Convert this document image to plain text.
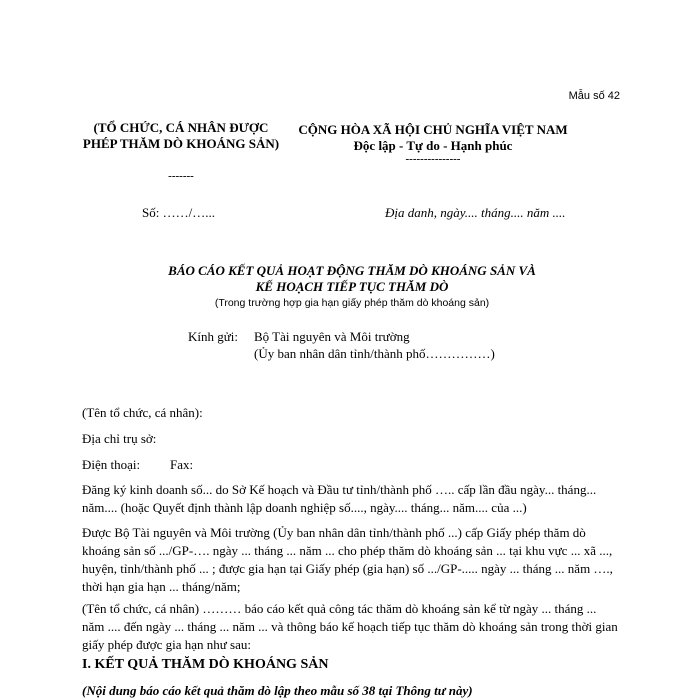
Mẫu số 42
(TỔ CHỨC, CÁ NHÂN ĐƯỢC PHÉP THĂM DÒ KHOÁNG SẢN)
-------
Số: ……/…...
CỘNG HÒA XÃ HỘI CHỦ NGHĨA VIỆT NAM
Độc lập - Tự do - Hạnh phúc
---------------
Địa danh, ngày.... tháng.... năm ....
BÁO CÁO KẾT QUẢ HOẠT ĐỘNG THĂM DÒ KHOÁNG SẢN VÀ
KẾ HOẠCH TIẾP TỤC THĂM DÒ
(Trong trường hợp gia hạn giấy phép thăm dò khoáng sản)
Kính gửi: Bộ Tài nguyên và Môi trường
(Ủy ban nhân dân tỉnh/thành phố……………)
(Tên tổ chức, cá nhân):
Địa chỉ trụ sở:
Điện thoại: Fax:

Đăng ký kinh doanh số... do Sở Kế hoạch và Đầu tư tỉnh/thành phố ….. cấp lần đầu ngày... tháng... năm.... (hoặc Quyết định thành lập doanh nghiệp số...., ngày.... tháng... năm.... của ...)

Được Bộ Tài nguyên và Môi trường (Ủy ban nhân dân tỉnh/thành phố ...) cấp Giấy phép thăm dò khoáng sản số .../GP-…. ngày ... tháng ... năm ... cho phép thăm dò khoáng sản ... tại khu vực ... xã ..., huyện, tỉnh/thành phố ... ; được gia hạn tại Giấy phép (gia hạn) số .../GP-..... ngày ... tháng ... năm …., thời hạn gia hạn ... tháng/năm;

(Tên tổ chức, cá nhân) ……… báo cáo kết quả công tác thăm dò khoáng sản kể từ ngày ... tháng ... năm .... đến ngày ... tháng ... năm ... và thông báo kế hoạch tiếp tục thăm dò khoáng sản trong thời gian giấy phép được gia hạn như sau:

I. KẾT QUẢ THĂM DÒ KHOÁNG SẢN
(Nội dung báo cáo kết quả thăm dò lập theo mẫu số 38 tại Thông tư này)
